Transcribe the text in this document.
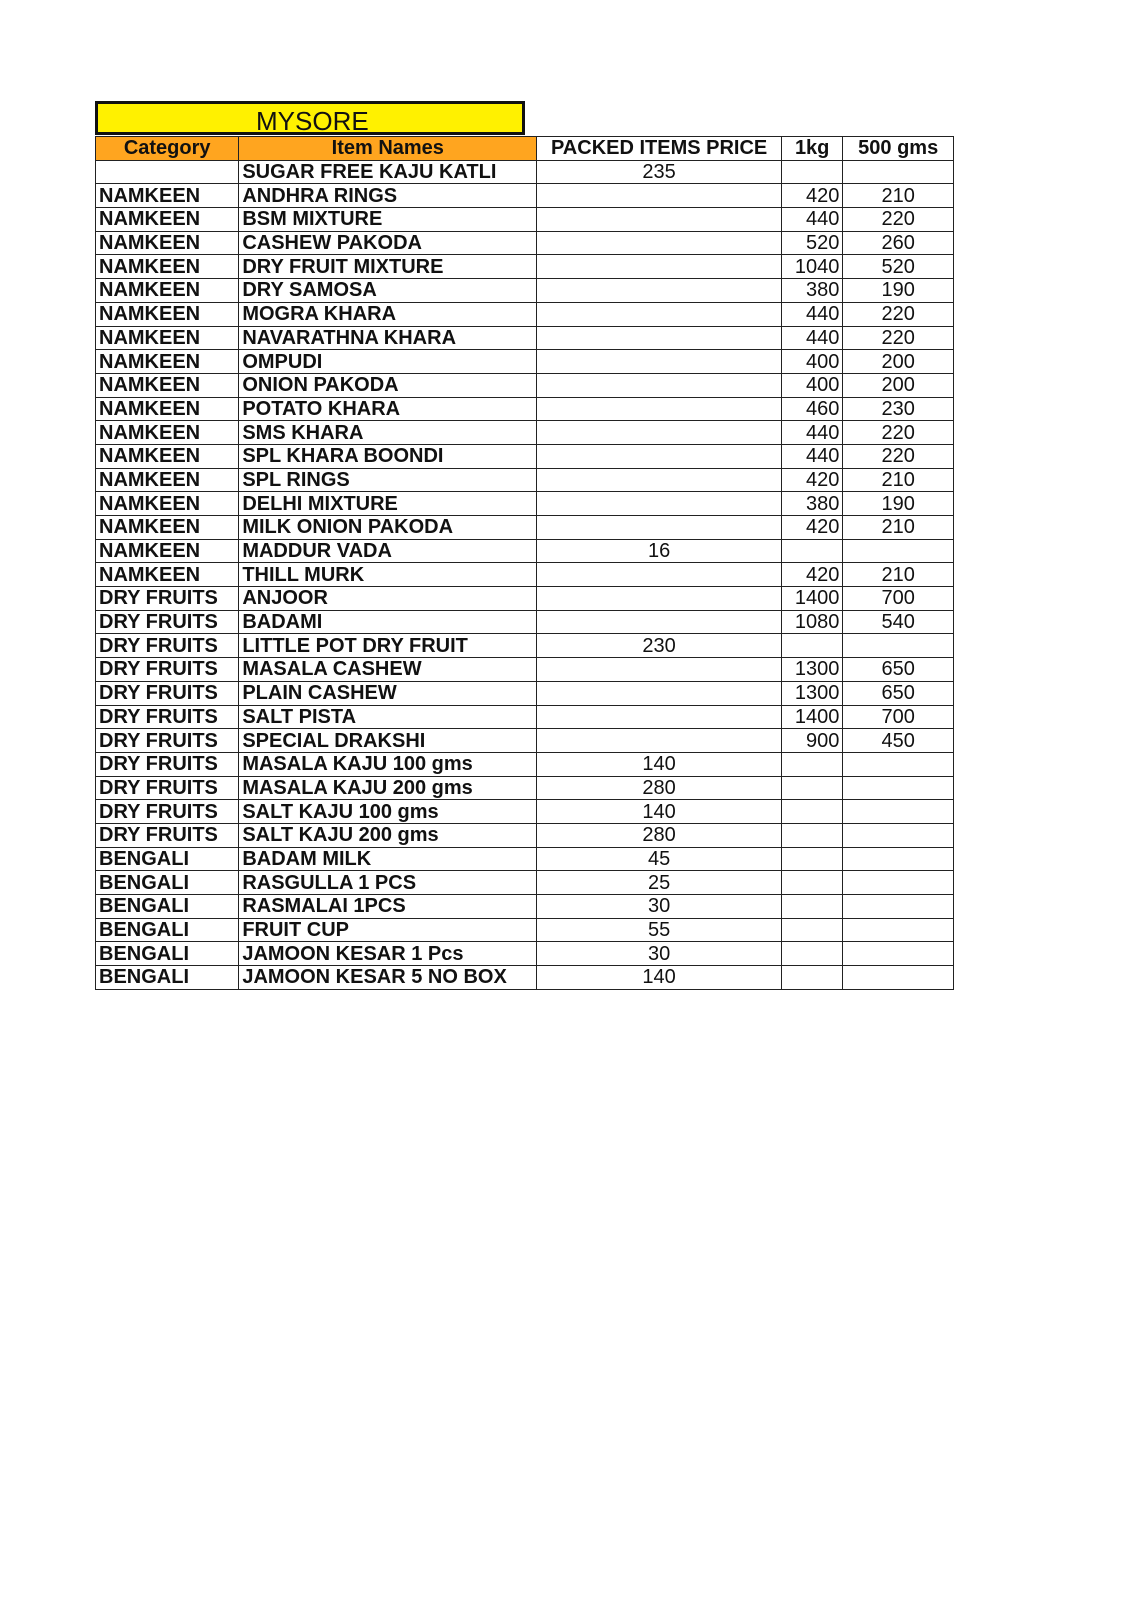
MYSORE
Category	Item Names	PACKED ITEMS PRICE	1kg	500 gms
	SUGAR FREE KAJU KATLI	235		
NAMKEEN	ANDHRA RINGS		420	210
NAMKEEN	BSM MIXTURE		440	220
NAMKEEN	CASHEW PAKODA		520	260
NAMKEEN	DRY FRUIT MIXTURE		1040	520
NAMKEEN	DRY SAMOSA		380	190
NAMKEEN	MOGRA KHARA		440	220
NAMKEEN	NAVARATHNA KHARA		440	220
NAMKEEN	OMPUDI		400	200
NAMKEEN	ONION PAKODA		400	200
NAMKEEN	POTATO KHARA		460	230
NAMKEEN	SMS KHARA		440	220
NAMKEEN	SPL KHARA BOONDI		440	220
NAMKEEN	SPL RINGS		420	210
NAMKEEN	DELHI MIXTURE		380	190
NAMKEEN	MILK ONION PAKODA		420	210
NAMKEEN	MADDUR VADA	16		
NAMKEEN	THILL MURK		420	210
DRY FRUITS	ANJOOR		1400	700
DRY FRUITS	BADAMI		1080	540
DRY FRUITS	LITTLE POT DRY FRUIT	230		
DRY FRUITS	MASALA CASHEW		1300	650
DRY FRUITS	PLAIN CASHEW		1300	650
DRY FRUITS	SALT PISTA		1400	700
DRY FRUITS	SPECIAL DRAKSHI		900	450
DRY FRUITS	MASALA KAJU 100 gms	140		
DRY FRUITS	MASALA KAJU 200 gms	280		
DRY FRUITS	SALT KAJU 100 gms	140		
DRY FRUITS	SALT KAJU 200 gms	280		
BENGALI	BADAM MILK	45		
BENGALI	RASGULLA 1 PCS	25		
BENGALI	RASMALAI 1PCS	30		
BENGALI	FRUIT CUP	55		
BENGALI	JAMOON KESAR 1 Pcs	30		
BENGALI	JAMOON KESAR 5 NO BOX	140		
